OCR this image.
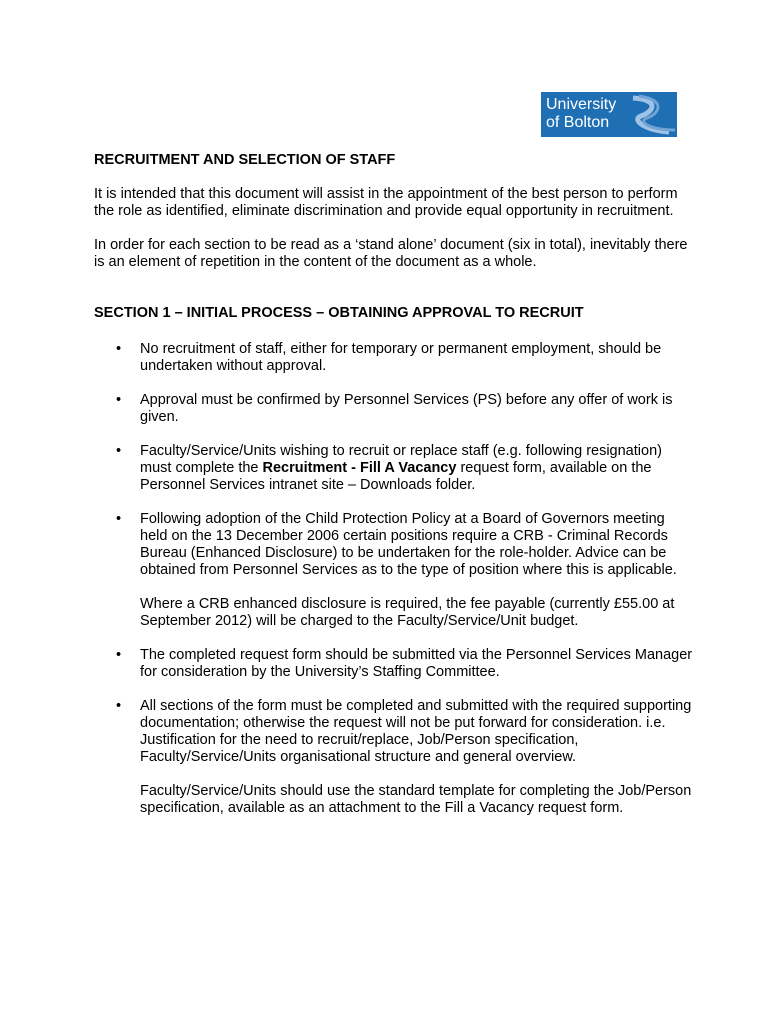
University
of Bolton

RECRUITMENT AND SELECTION OF STAFF

It is intended that this document will assist in the appointment of the best person to perform the role as identified, eliminate discrimination and provide equal opportunity in recruitment.

In order for each section to be read as a ‘stand alone’ document (six in total), inevitably there is an element of repetition in the content of the document as a whole.

SECTION 1 – INITIAL PROCESS – OBTAINING APPROVAL TO RECRUIT

• No recruitment of staff, either for temporary or permanent employment, should be undertaken without approval.
• Approval must be confirmed by Personnel Services (PS) before any offer of work is given.
• Faculty/Service/Units wishing to recruit or replace staff (e.g. following resignation) must complete the Recruitment - Fill A Vacancy request form, available on the Personnel Services intranet site – Downloads folder.
• Following adoption of the Child Protection Policy at a Board of Governors meeting held on the 13 December 2006 certain positions require a CRB - Criminal Records Bureau (Enhanced Disclosure) to be undertaken for the role-holder. Advice can be obtained from Personnel Services as to the type of position where this is applicable.

Where a CRB enhanced disclosure is required, the fee payable (currently £55.00 at September 2012) will be charged to the Faculty/Service/Unit budget.

• The completed request form should be submitted via the Personnel Services Manager for consideration by the University’s Staffing Committee.
• All sections of the form must be completed and submitted with the required supporting documentation; otherwise the request will not be put forward for consideration. i.e. Justification for the need to recruit/replace, Job/Person specification, Faculty/Service/Units organisational structure and general overview.

Faculty/Service/Units should use the standard template for completing the Job/Person specification, available as an attachment to the Fill a Vacancy request form.
